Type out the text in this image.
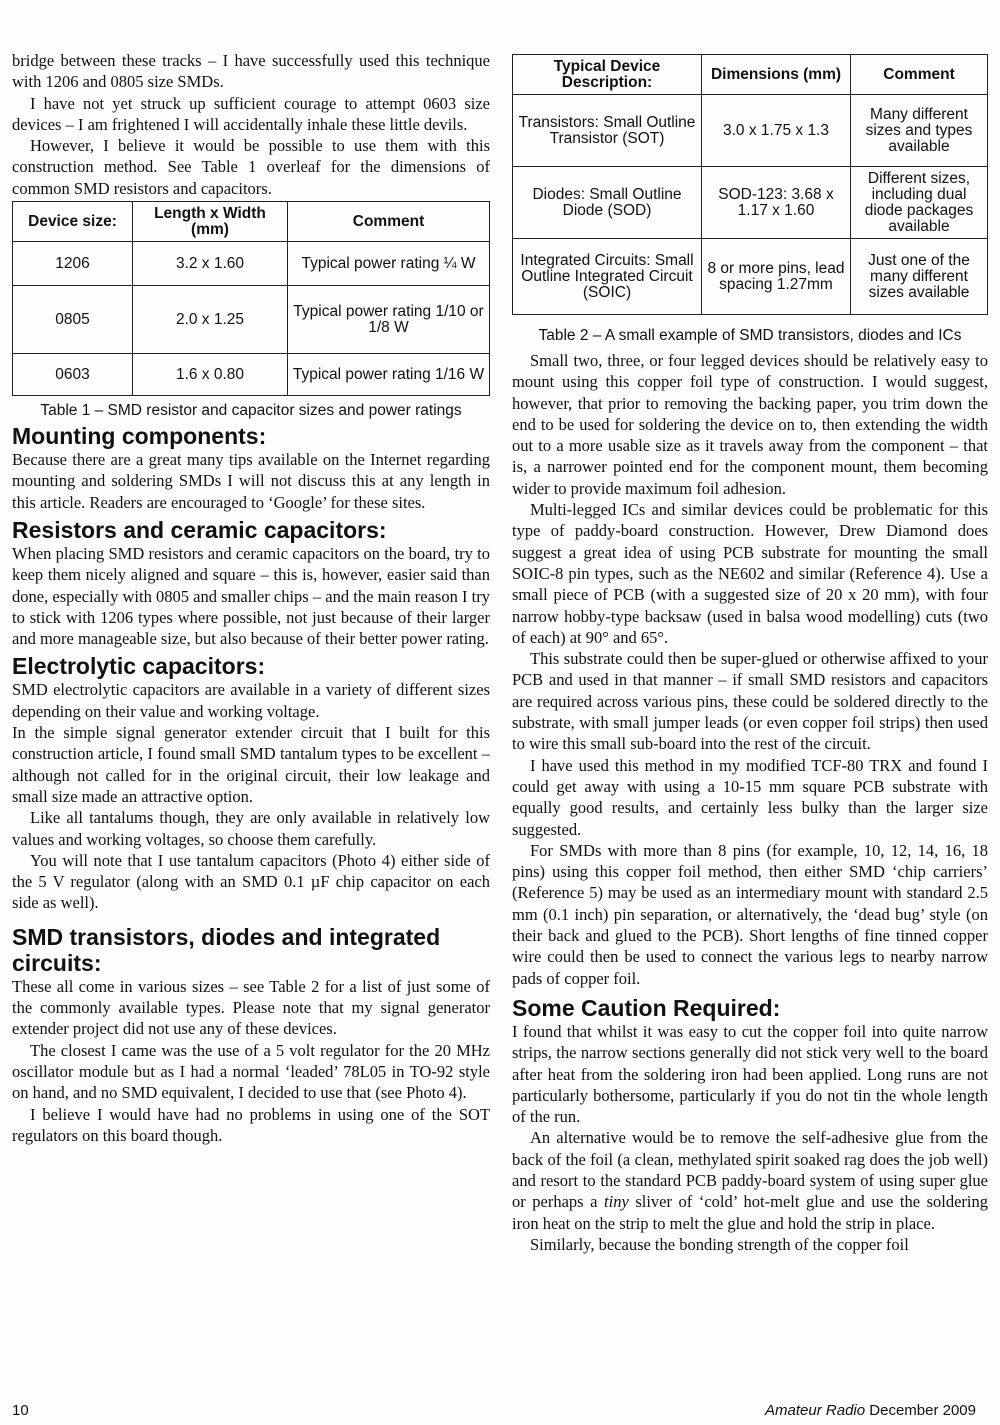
bridge between these tracks – I have successfully used this technique with 1206 and 0805 size SMDs.

I have not yet struck up sufficient courage to attempt 0603 size devices – I am frightened I will accidentally inhale these little devils.

However, I believe it would be possible to use them with this construction method. See Table 1 overleaf for the dimensions of common SMD resistors and capacitors.

Device size:	Length x Width (mm)	Comment
1206	3.2 x 1.60	Typical power rating ¼ W
0805	2.0 x 1.25	Typical power rating 1/10 or 1/8 W
0603	1.6 x 0.80	Typical power rating 1/16 W
Table 1 – SMD resistor and capacitor sizes and power ratings
Mounting components:

Because there are a great many tips available on the Internet regarding mounting and soldering SMDs I will not discuss this at any length in this article. Readers are encouraged to ‘Google’ for these sites.

Resistors and ceramic capacitors:

When placing SMD resistors and ceramic capacitors on the board, try to keep them nicely aligned and square – this is, however, easier said than done, especially with 0805 and smaller chips – and the main reason I try to stick with 1206 types where possible, not just because of their larger and more manageable size, but also because of their better power rating.

Electrolytic capacitors:

SMD electrolytic capacitors are available in a variety of different sizes depending on their value and working voltage.

In the simple signal generator extender circuit that I built for this construction article, I found small SMD tantalum types to be excellent – although not called for in the original circuit, their low leakage and small size made an attractive option.

Like all tantalums though, they are only available in relatively low values and working voltages, so choose them carefully.

You will note that I use tantalum capacitors (Photo 4) either side of the 5 V regulator (along with an SMD 0.1 µF chip capacitor on each side as well).

SMD transistors, diodes and integrated circuits:

These all come in various sizes – see Table 2 for a list of just some of the commonly available types. Please note that my signal generator extender project did not use any of these devices.

The closest I came was the use of a 5 volt regulator for the 20 MHz oscillator module but as I had a normal ‘leaded’ 78L05 in TO-92 style on hand, and no SMD equivalent, I decided to use that (see Photo 4).

I believe I would have had no problems in using one of the SOT regulators on this board though.

Typical Device Description:	Dimensions (mm)	Comment
Transistors: Small Outline Transistor (SOT)	3.0 x 1.75 x 1.3	Many different sizes and types available
Diodes: Small Outline Diode (SOD)	SOD-123: 3.68 x 1.17 x 1.60	Different sizes, including dual diode packages available
Integrated Circuits: Small Outline Integrated Circuit (SOIC)	8 or more pins, lead spacing 1.27mm	Just one of the many different sizes available
Table 2 – A small example of SMD transistors, diodes and ICs

Small two, three, or four legged devices should be relatively easy to mount using this copper foil type of construction. I would suggest, however, that prior to removing the backing paper, you trim down the end to be used for soldering the device on to, then extending the width out to a more usable size as it travels away from the component – that is, a narrower pointed end for the component mount, them becoming wider to provide maximum foil adhesion.

Multi-legged ICs and similar devices could be problematic for this type of paddy-board construction. However, Drew Diamond does suggest a great idea of using PCB substrate for mounting the small SOIC-8 pin types, such as the NE602 and similar (Reference 4). Use a small piece of PCB (with a suggested size of 20 x 20 mm), with four narrow hobby-type backsaw (used in balsa wood modelling) cuts (two of each) at 90° and 65°.

This substrate could then be super-glued or otherwise affixed to your PCB and used in that manner – if small SMD resistors and capacitors are required across various pins, these could be soldered directly to the substrate, with small jumper leads (or even copper foil strips) then used to wire this small sub-board into the rest of the circuit.

I have used this method in my modified TCF-80 TRX and found I could get away with using a 10-15 mm square PCB substrate with equally good results, and certainly less bulky than the larger size suggested.

For SMDs with more than 8 pins (for example, 10, 12, 14, 16, 18 pins) using this copper foil method, then either SMD ‘chip carriers’ (Reference 5) may be used as an intermediary mount with standard 2.5 mm (0.1 inch) pin separation, or alternatively, the ‘dead bug’ style (on their back and glued to the PCB). Short lengths of fine tinned copper wire could then be used to connect the various legs to nearby narrow pads of copper foil.

Some Caution Required:

I found that whilst it was easy to cut the copper foil into quite narrow strips, the narrow sections generally did not stick very well to the board after heat from the soldering iron had been applied. Long runs are not particularly bothersome, particularly if you do not tin the whole length of the run.

An alternative would be to remove the self-adhesive glue from the back of the foil (a clean, methylated spirit soaked rag does the job well) and resort to the standard PCB paddy-board system of using super glue or perhaps a tiny sliver of ‘cold’ hot-melt glue and use the soldering iron heat on the strip to melt the glue and hold the strip in place.

Similarly, because the bonding strength of the copper foil

10	Amateur Radio December 2009
